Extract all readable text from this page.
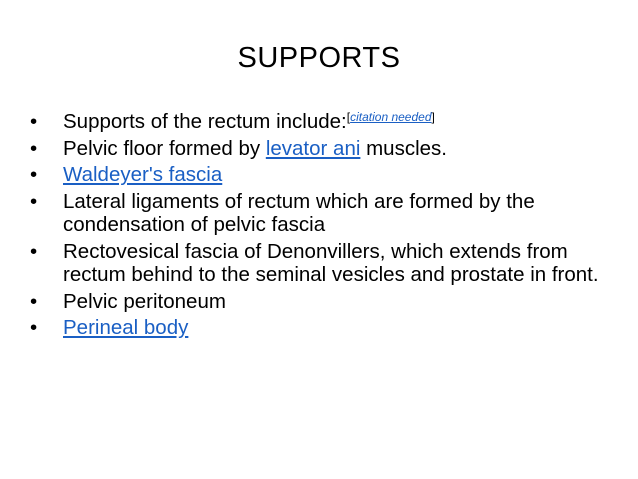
SUPPORTS
•	Supports of the rectum include:[citation needed]
•	Pelvic floor formed by levator ani muscles.
•	Waldeyer's fascia
•	Lateral ligaments of rectum which are formed by the condensation of pelvic fascia
•	Rectovesical fascia of Denonvillers, which extends from rectum behind to the seminal vesicles and prostate in front.
•	Pelvic peritoneum
•	Perineal body
